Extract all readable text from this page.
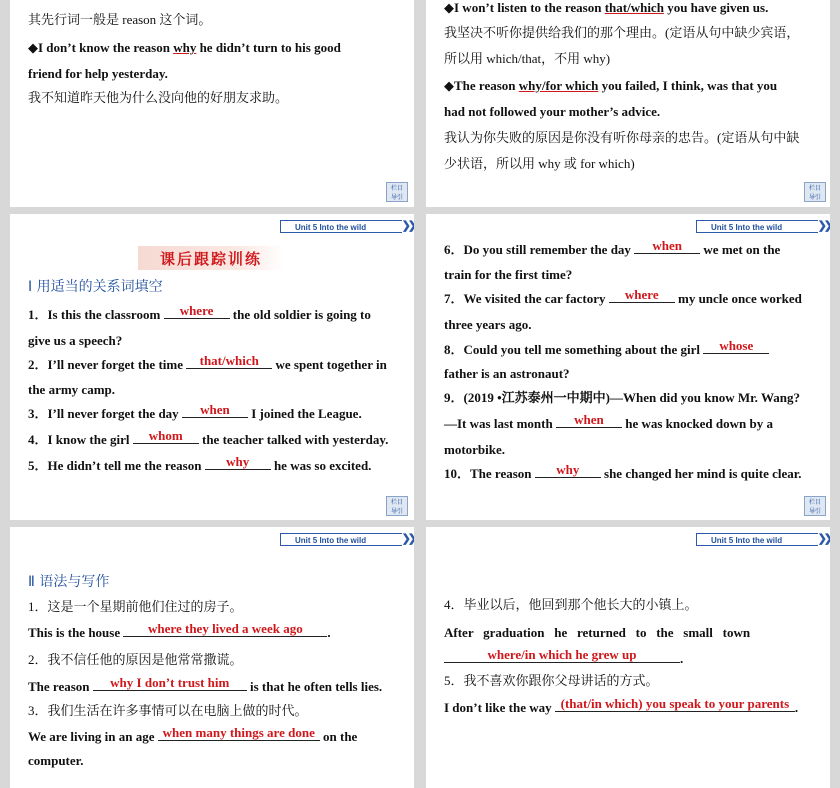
其先行词一般是 reason 这个词。
◆I don’t know the reason why he didn’t turn to his good
friend for help yesterday.
我不知道昨天他为什么没向他的好朋友求助。
栏目
导引
◆I won’t listen to the reason that/which you have given us.
我坚决不听你提供给我们的那个理由。(定语从句中缺少宾语，
所以用 which/that，不用 why)
◆The reason why/for which you failed, I think, was that you
had not followed your mother’s advice.
我认为你失败的原因是你没有听你母亲的忠告。(定语从句中缺
少状语，所以用 why 或 for which)
栏目
导引
Unit 5 Into the wild	❯❯
课后跟踪训练
Ⅰ 用适当的关系词填空
1．Is this the classroom where the old soldier is going to
give us a speech?
2．I’ll never forget the time that/which we spent together in
the army camp.
3．I’ll never forget the day when I joined the League.
4．I know the girl whom the teacher talked with yesterday.
5．He didn’t tell me the reason why he was so excited.
栏目
导引
Unit 5 Into the wild	❯❯
6．Do you still remember the day when we met on the
train for the first time?
7．We visited the car factory where my uncle once worked
three years ago.
8．Could you tell me something about the girl whose
father is an astronaut?
9．(2019 •江苏泰州一中期中)—When did you know Mr. Wang?
—It was last month when he was knocked down by a
motorbike.
10．The reason why she changed her mind is quite clear.
栏目
导引
Unit 5 Into the wild	❯❯
Ⅱ 语法与写作
1．这是一个星期前他们住过的房子。
This is the house where they lived a week ago .
2．我不信任他的原因是他常常撒谎。
The reason why I don’t trust him is that he often tells lies.
3．我们生活在许多事情可以在电脑上做的时代。
We are living in an age when many things are done on the
computer.
Unit 5 Into the wild	❯❯
4．毕业以后，他回到那个他长大的小镇上。
After   graduation   he   returned   to   the   small   town
where/in which he grew up	.
5．我不喜欢你跟你父母讲话的方式。
I don’t like the way (that/in which) you speak to your parents .
